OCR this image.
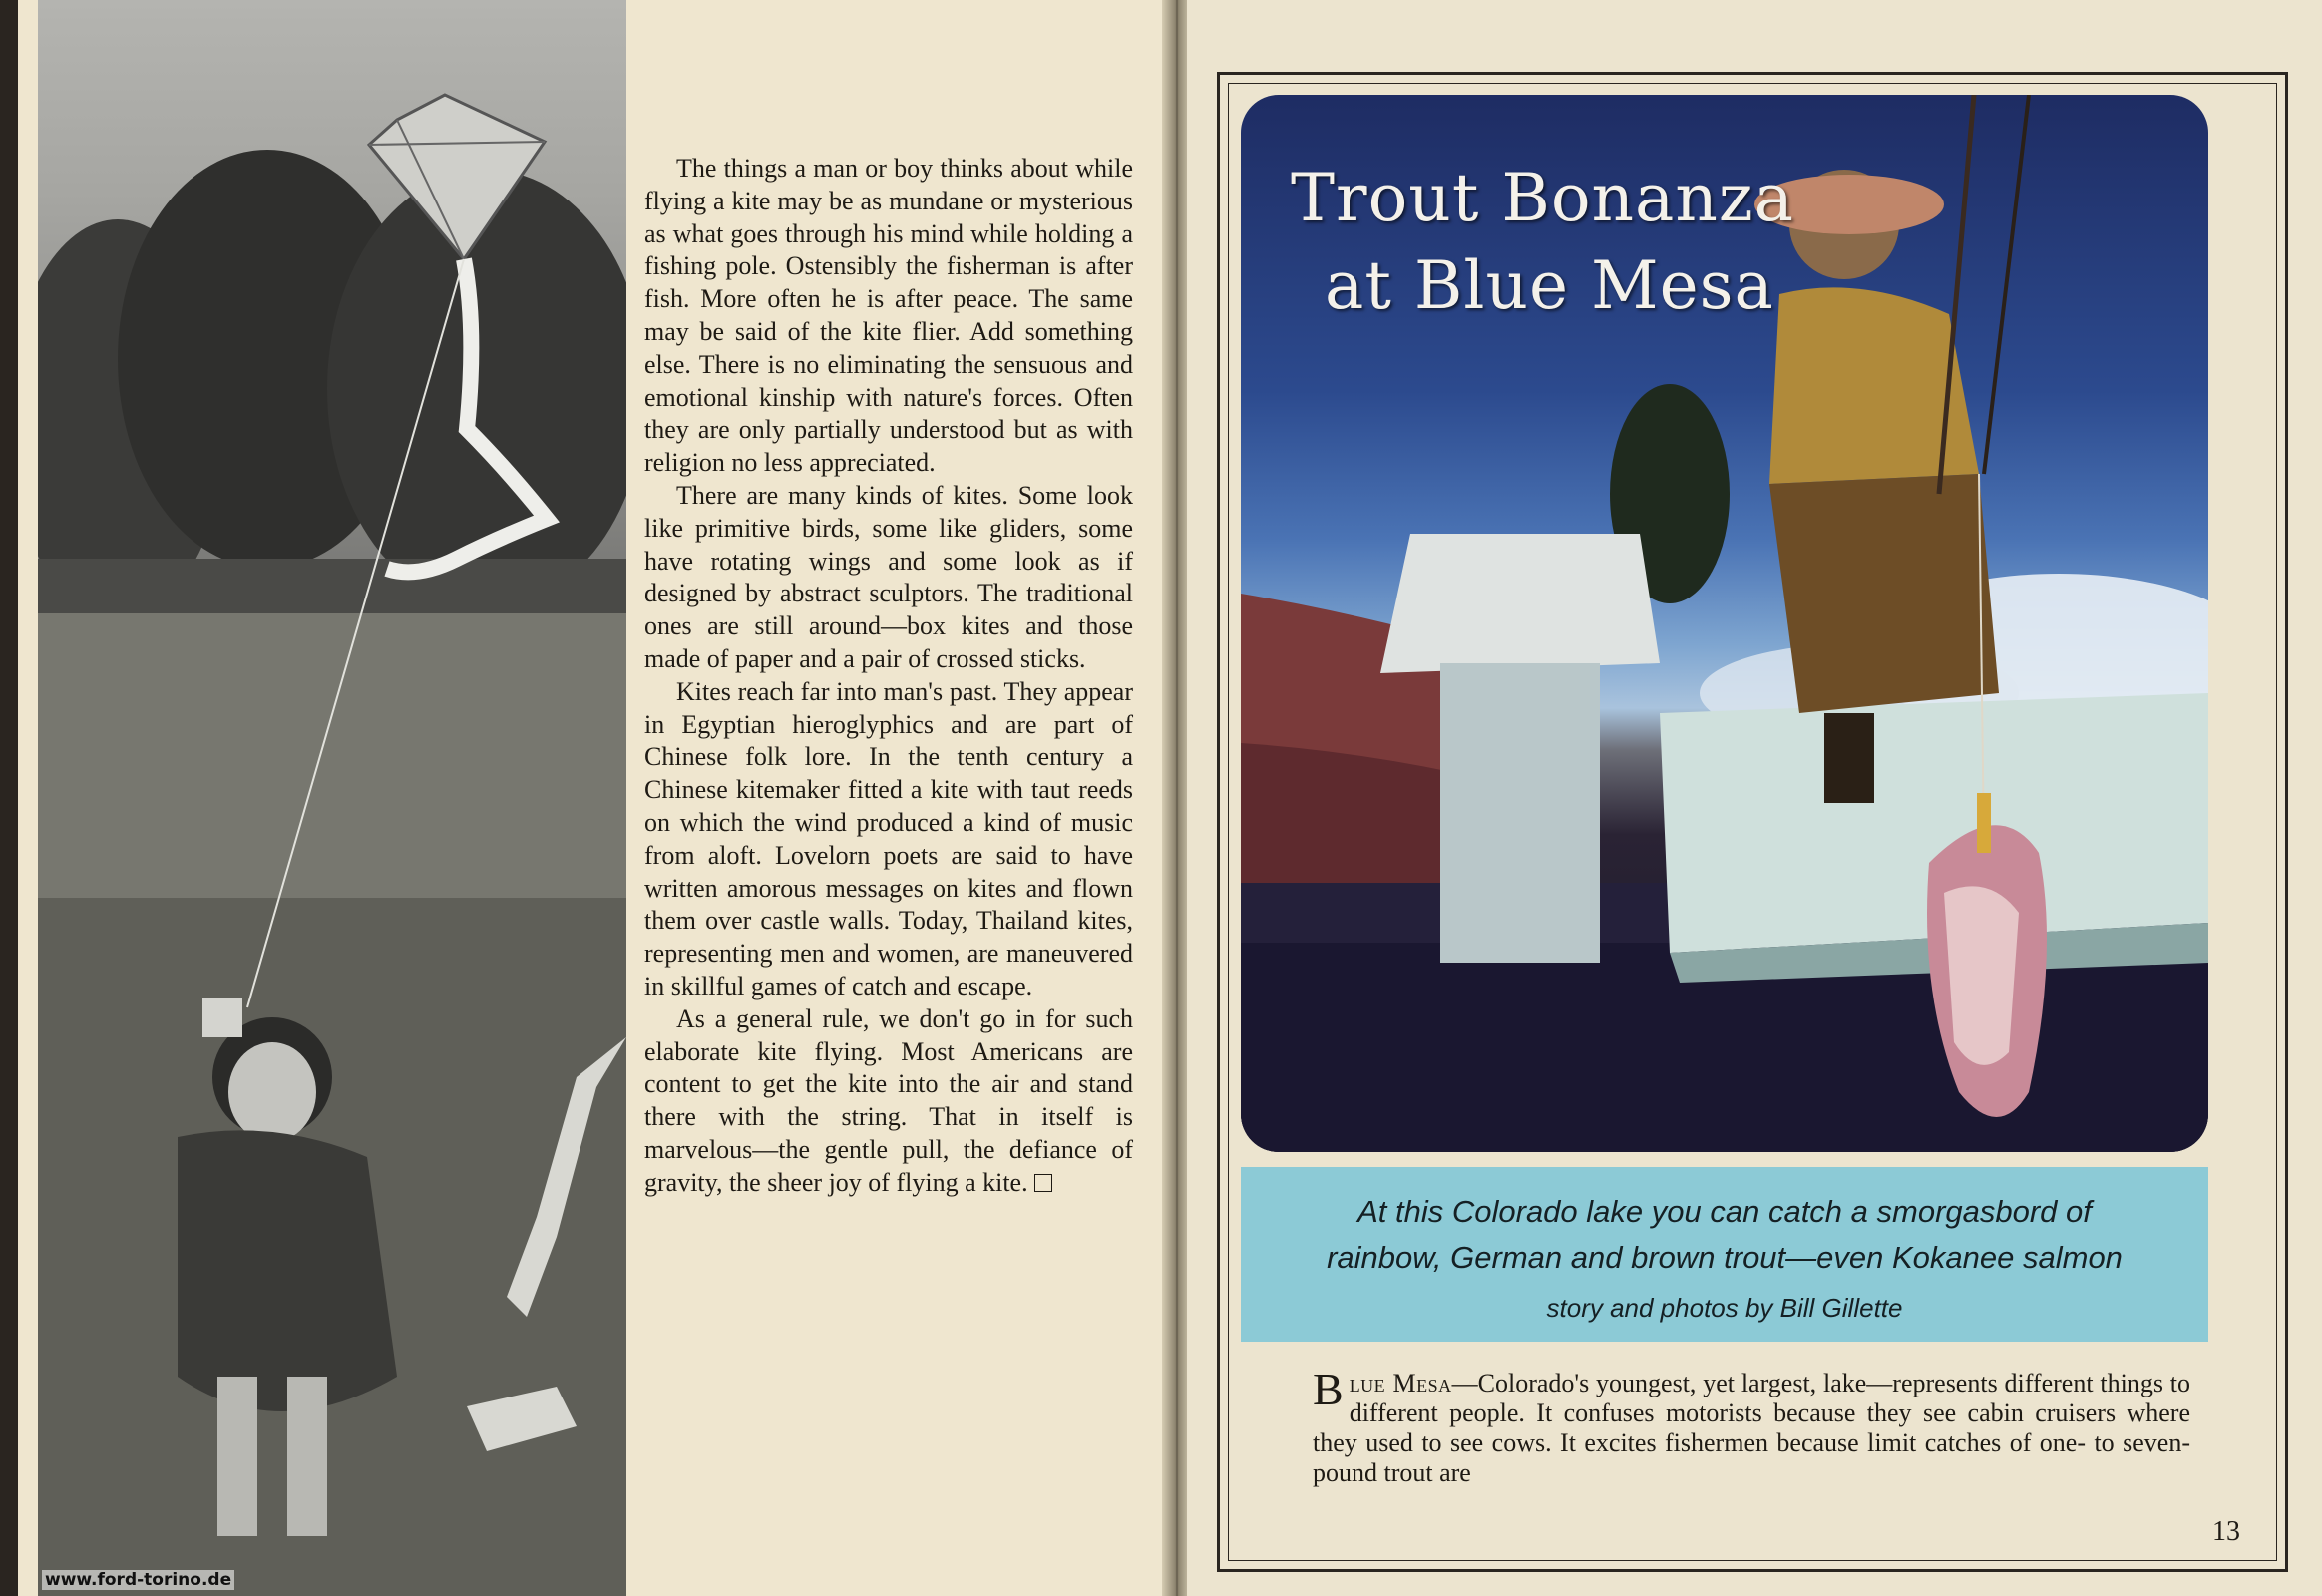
www.ford-torino.de

The things a man or boy thinks about while flying a kite may be as mundane or mysterious as what goes through his mind while holding a fishing pole. Ostensibly the fisherman is after fish. More often he is after peace. The same may be said of the kite flier. Add something else. There is no eliminating the sensuous and emotional kinship with nature's forces. Often they are only partially understood but as with religion no less appreciated.

There are many kinds of kites. Some look like primitive birds, some like gliders, some have rotating wings and some look as if designed by abstract sculptors. The traditional ones are still around—box kites and those made of paper and a pair of crossed sticks.

Kites reach far into man's past. They appear in Egyptian hieroglyphics and are part of Chinese folk lore. In the tenth century a Chinese kitemaker fitted a kite with taut reeds on which the wind produced a kind of music from aloft. Lovelorn poets are said to have written amorous messages on kites and flown them over castle walls. Today, Thailand kites, representing men and women, are maneuvered in skillful games of catch and escape.

As a general rule, we don't go in for such elaborate kite flying. Most Americans are content to get the kite into the air and stand there with the string. That in itself is marvelous—the gentle pull, the defiance of gravity, the sheer joy of flying a kite.

Trout Bonanza
at Blue Mesa

At this Colorado lake you can catch a smorgasbord of
rainbow, German and brown trout—even Kokanee salmon

story and photos by Bill Gillette

Blue Mesa—Colorado's youngest, yet largest, lake—represents different things to different people. It confuses motorists because they see cabin cruisers where they used to see cows. It excites fishermen because limit catches of one- to seven-pound trout are

13
